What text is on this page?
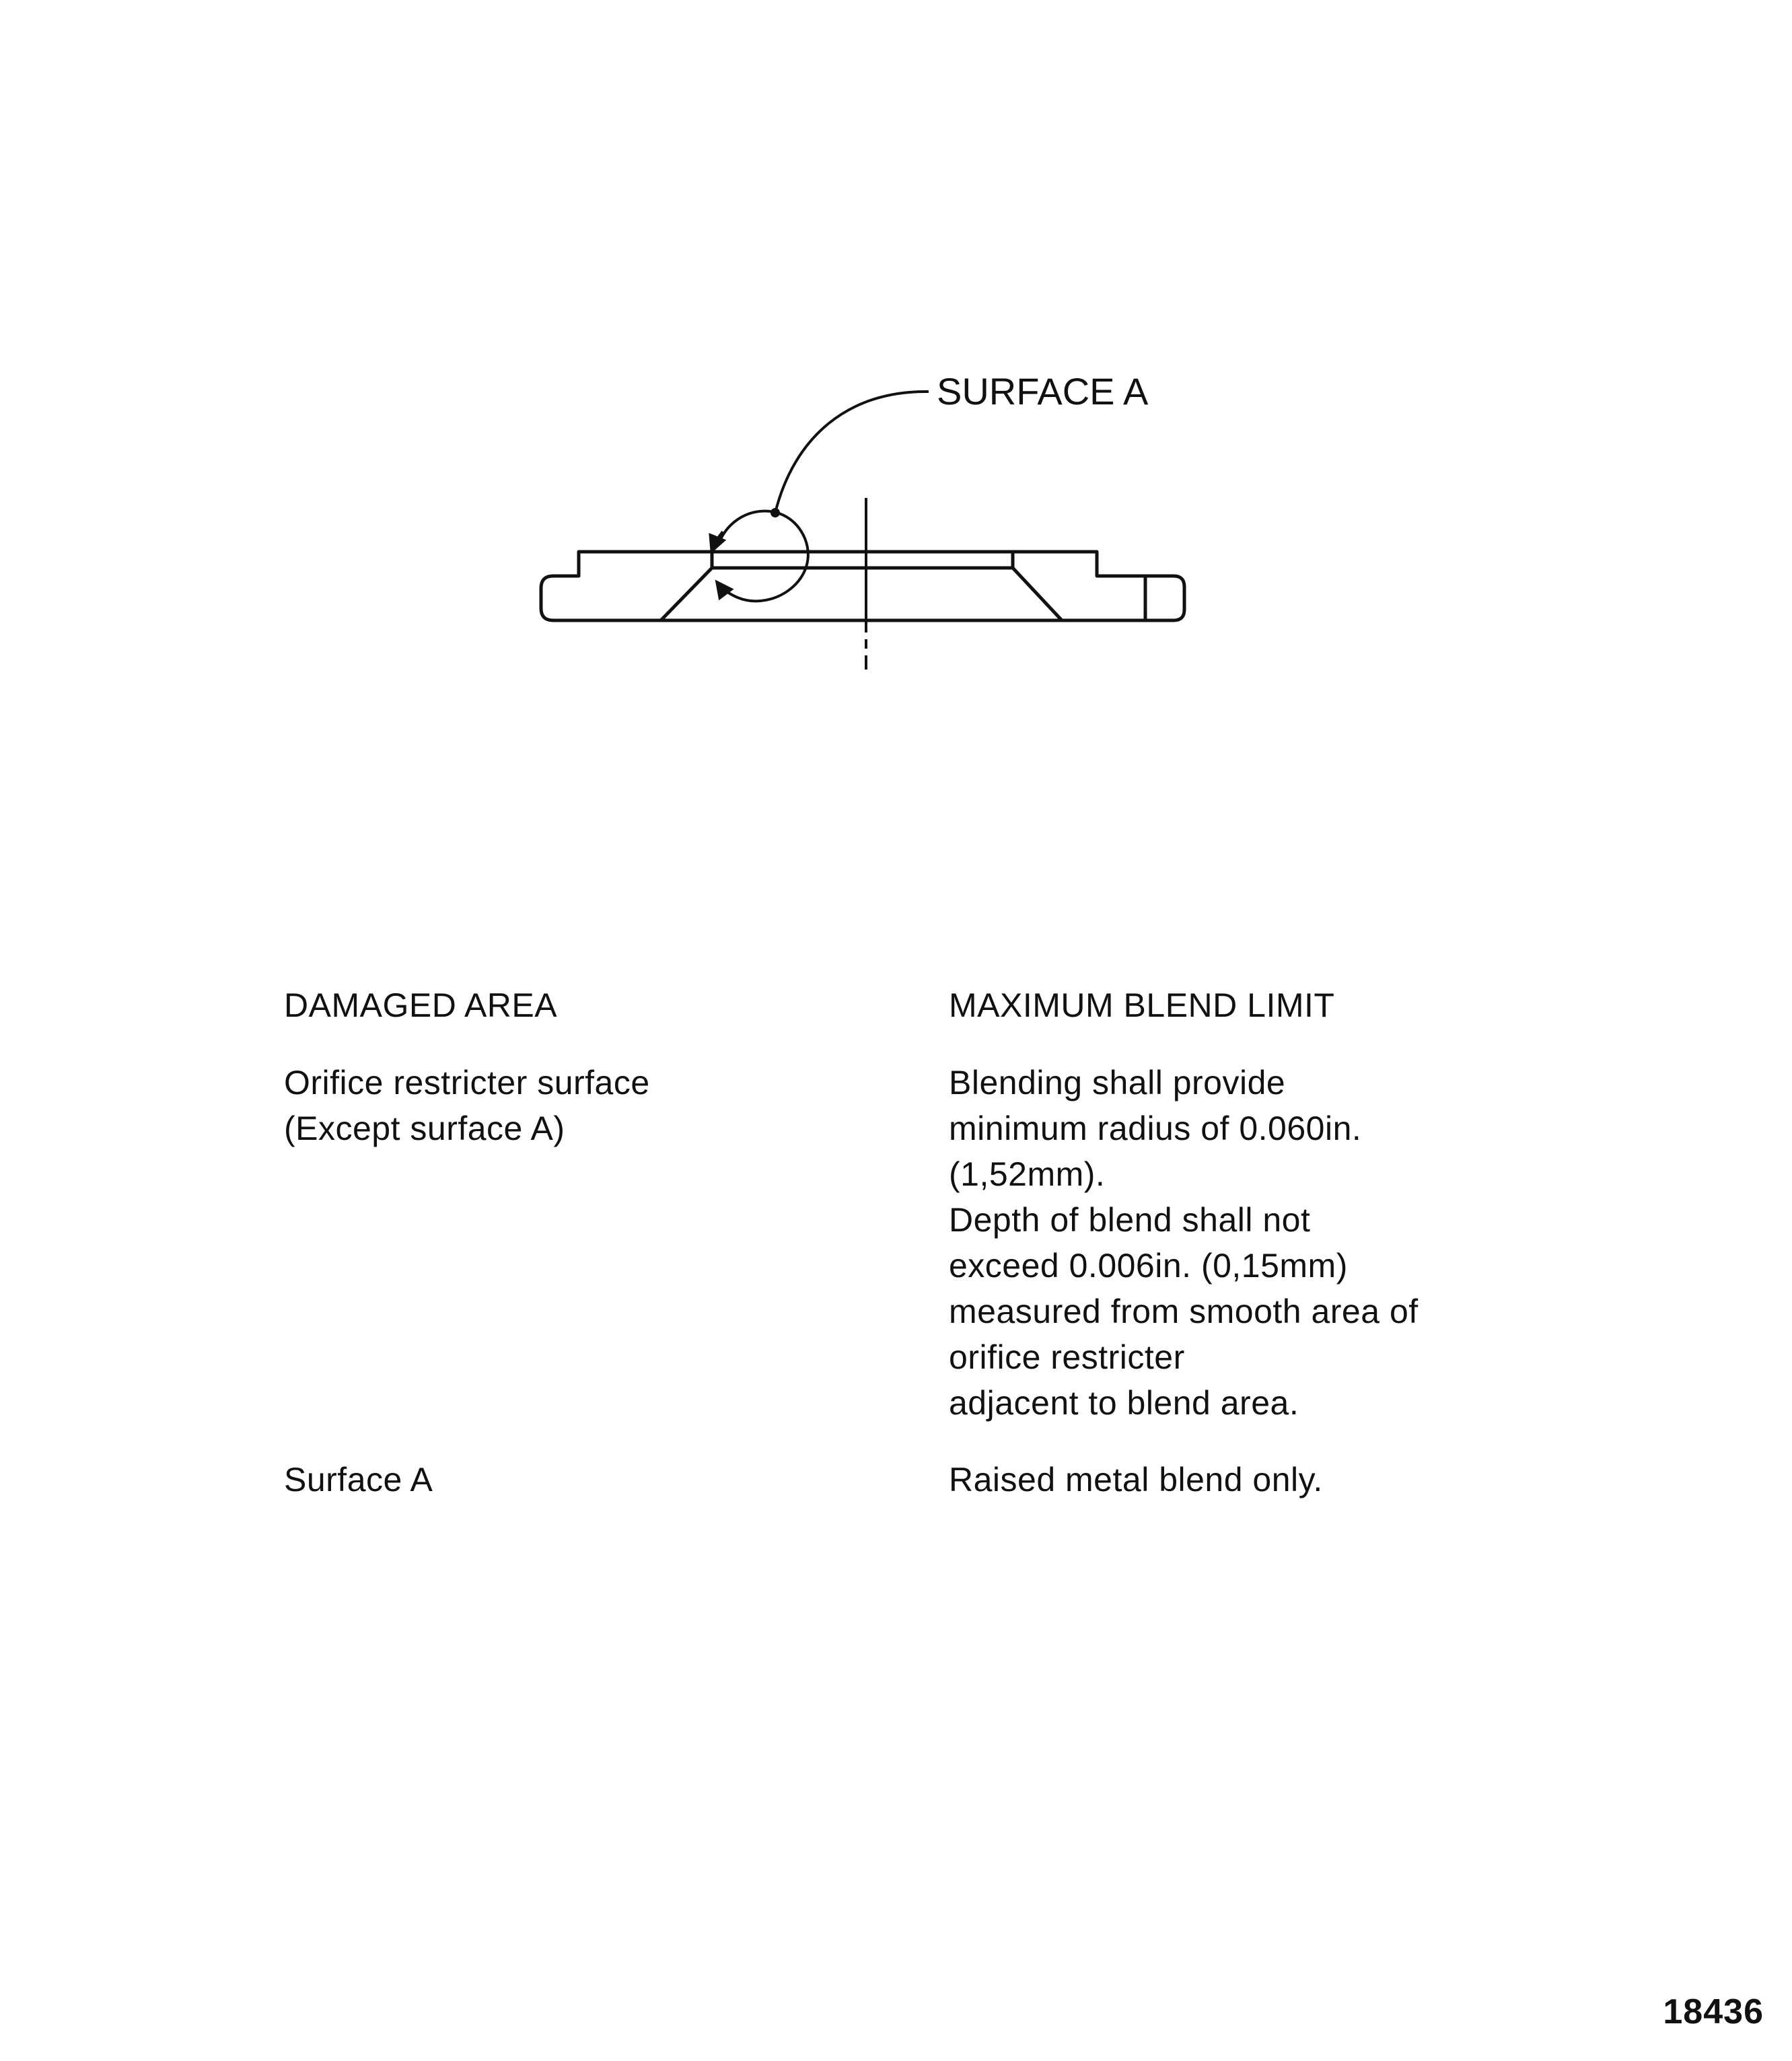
SURFACE A
DAMAGED AREA	MAXIMUM BLEND LIMIT
Orifice restricter surface
(Except surface A)
Blending shall provide
minimum radius of 0.060in.
(1,52mm).
Depth of blend shall not
exceed 0.006in. (0,15mm)
measured from smooth area of
orifice restricter
adjacent to blend area.
Surface A	Raised metal blend only.
18436
